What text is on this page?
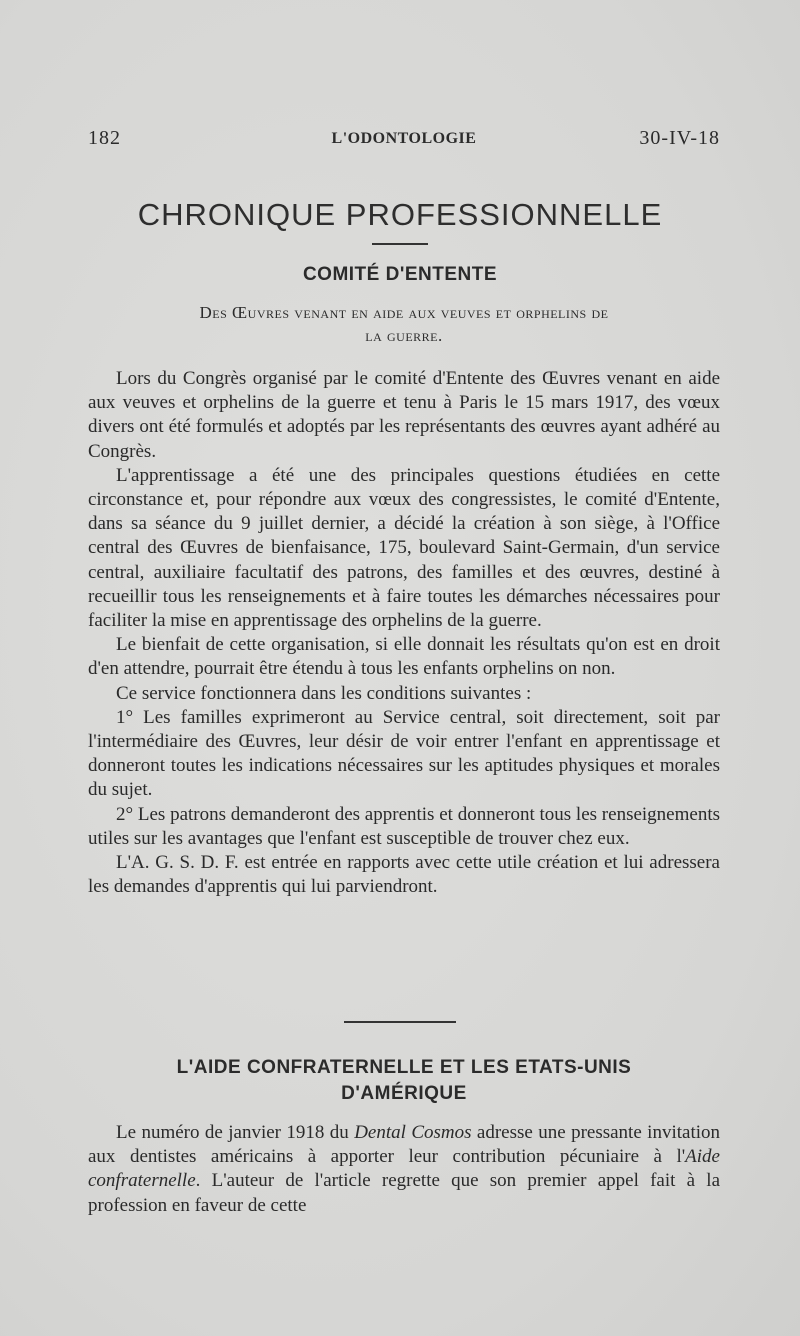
182	L'ODONTOLOGIE	30-IV-18
CHRONIQUE PROFESSIONNELLE
COMITÉ D'ENTENTE
Des Œuvres venant en aide aux veuves et orphelins de
la guerre.

Lors du Congrès organisé par le comité d'Entente des Œuvres venant en aide aux veuves et orphelins de la guerre et tenu à Paris le 15 mars 1917, des vœux divers ont été formulés et adoptés par les représentants des œuvres ayant adhéré au Congrès.

L'apprentissage a été une des principales questions étudiées en cette circonstance et, pour répondre aux vœux des congressistes, le comité d'Entente, dans sa séance du 9 juillet dernier, a décidé la création à son siège, à l'Office central des Œuvres de bienfaisance, 175, boulevard Saint-Germain, d'un service central, auxiliaire facultatif des patrons, des familles et des œuvres, destiné à recueillir tous les renseignements et à faire toutes les démarches nécessaires pour faciliter la mise en apprentissage des orphelins de la guerre.

Le bienfait de cette organisation, si elle donnait les résultats qu'on est en droit d'en attendre, pourrait être étendu à tous les enfants orphelins on non.

Ce service fonctionnera dans les conditions suivantes :

1° Les familles exprimeront au Service central, soit directement, soit par l'intermédiaire des Œuvres, leur désir de voir entrer l'enfant en apprentissage et donneront toutes les indications nécessaires sur les aptitudes physiques et morales du sujet.

2° Les patrons demanderont des apprentis et donneront tous les renseignements utiles sur les avantages que l'enfant est susceptible de trouver chez eux.

L'A. G. S. D. F. est entrée en rapports avec cette utile création et lui adressera les demandes d'apprentis qui lui parviendront.

L'AIDE CONFRATERNELLE ET LES ETATS-UNIS
D'AMÉRIQUE

Le numéro de janvier 1918 du Dental Cosmos adresse une pressante invitation aux dentistes américains à apporter leur contribution pécuniaire à l'Aide confraternelle. L'auteur de l'article regrette que son premier appel fait à la profession en faveur de cette
